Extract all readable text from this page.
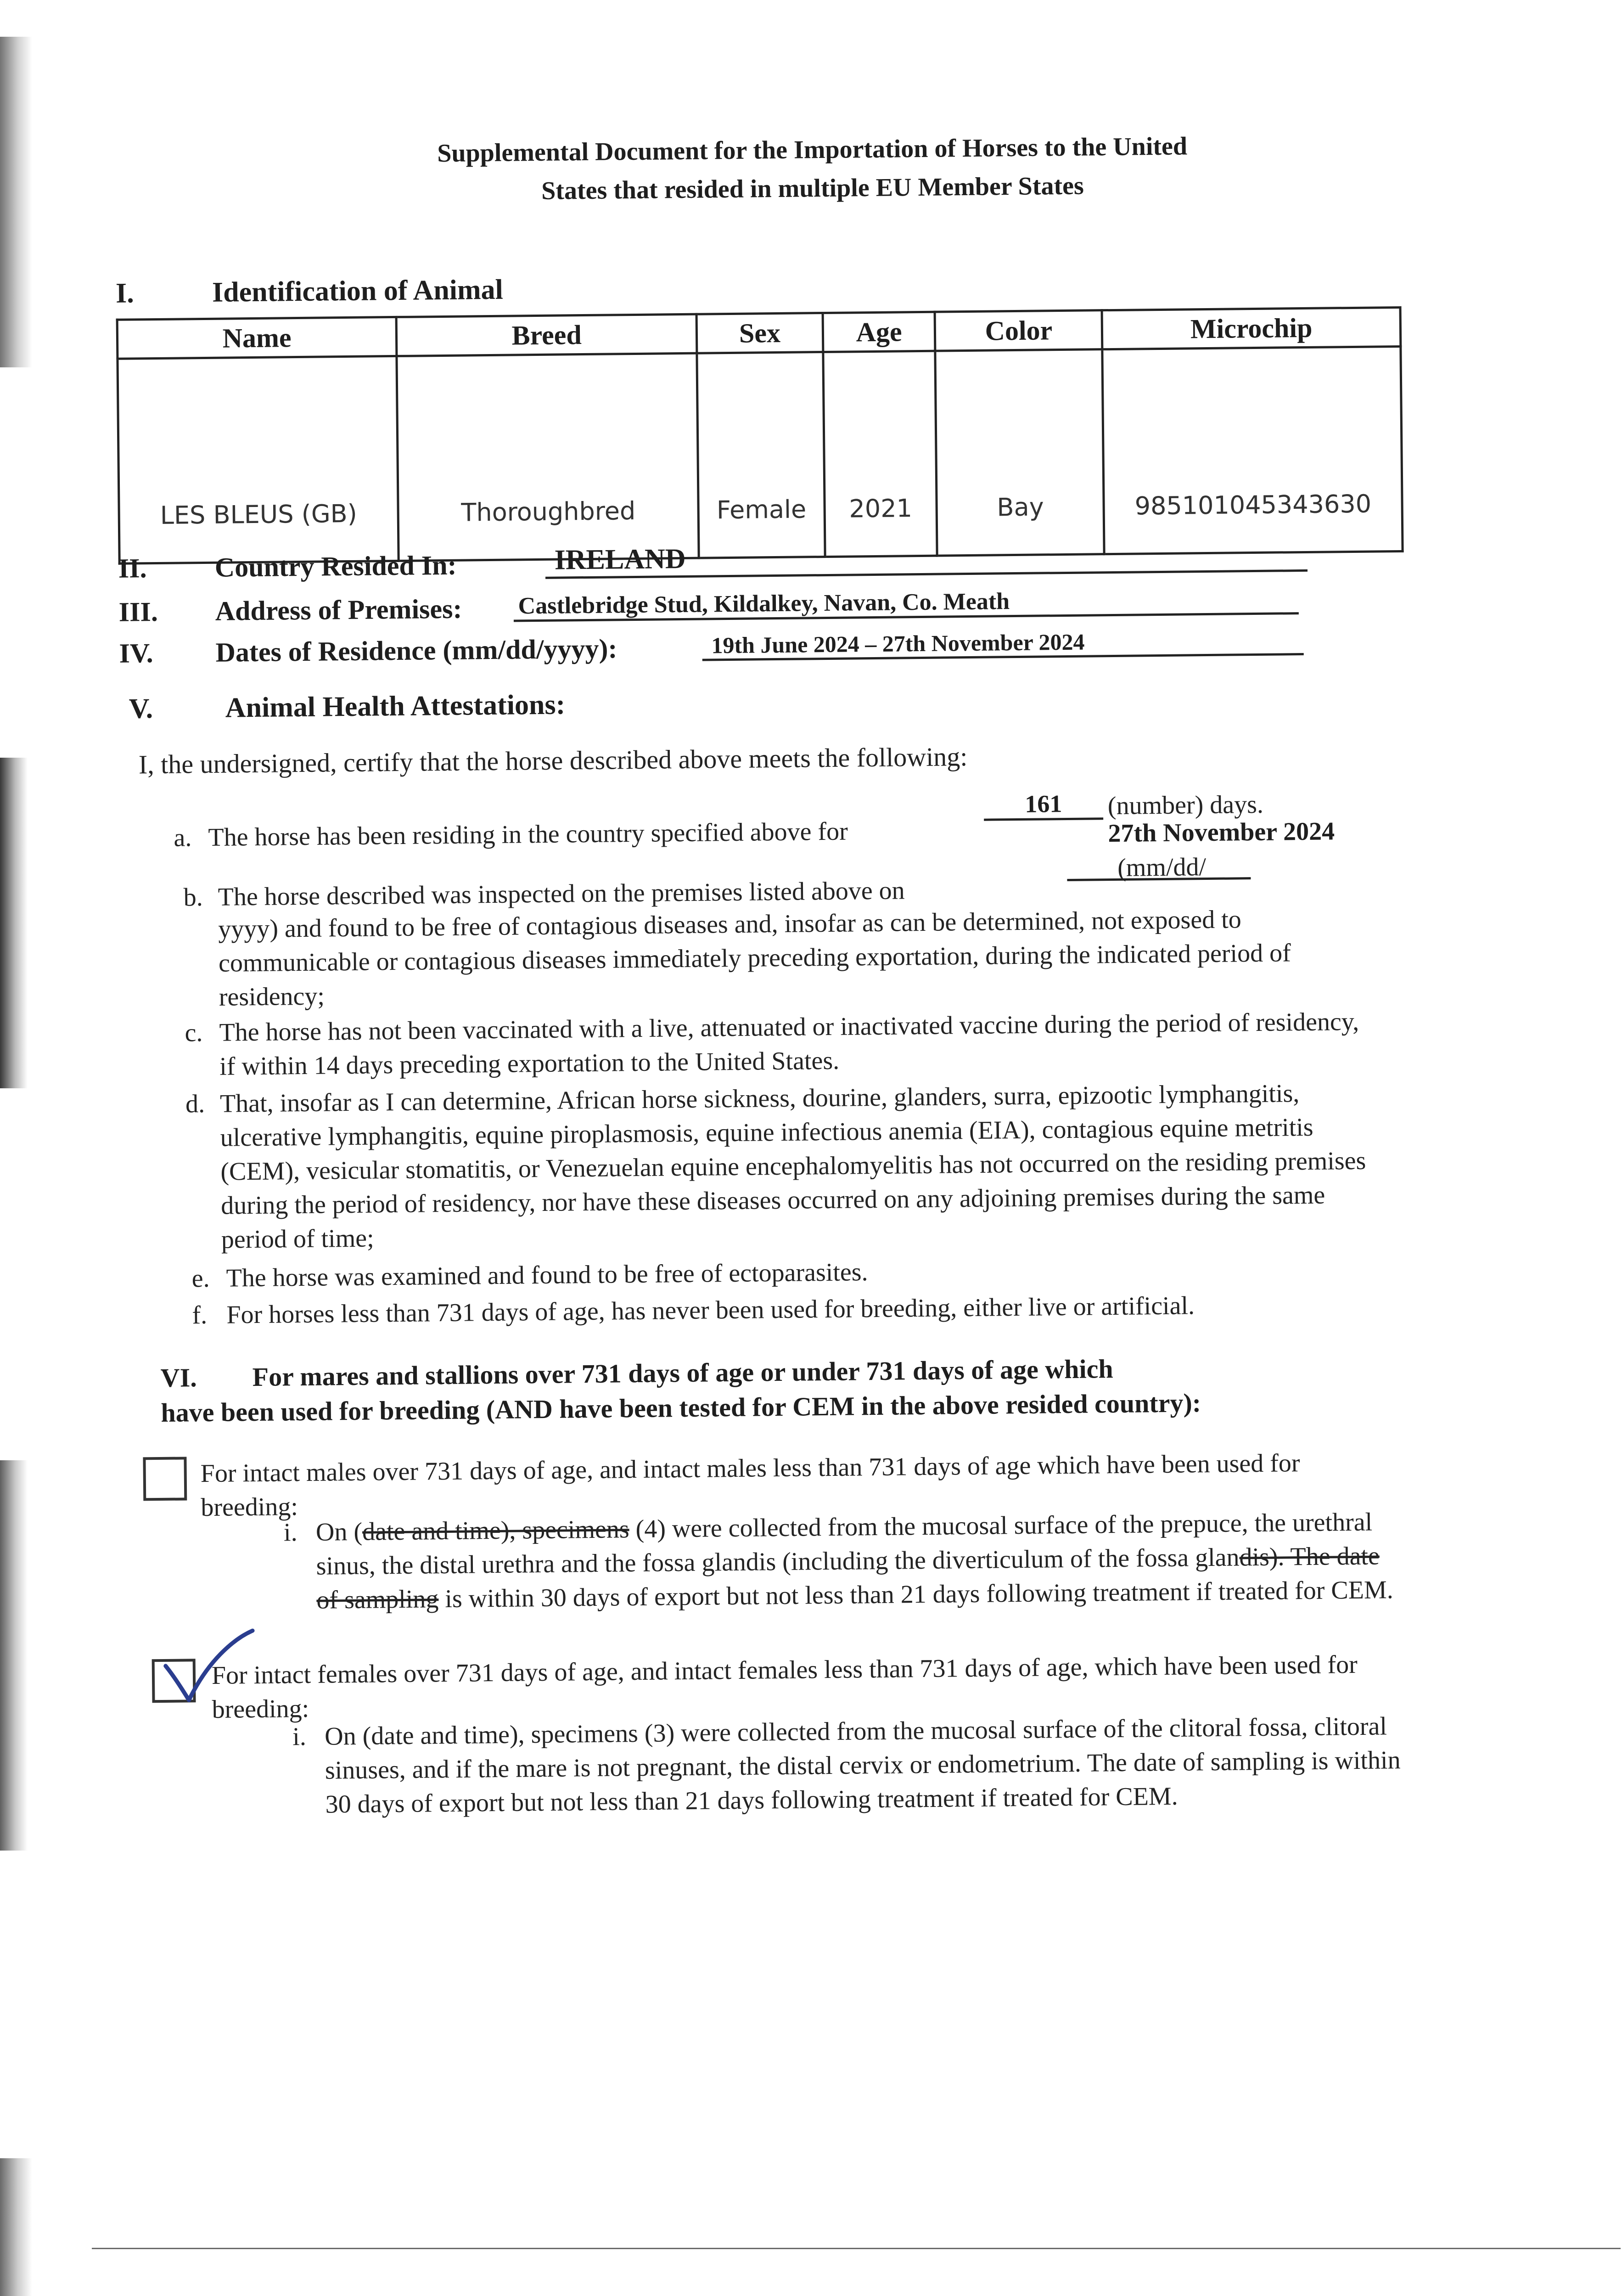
Supplemental Document for the Importation of Horses to the United
States that resided in multiple EU Member States
I.	Identification of Animal
Name	Breed	Sex	Age	Color	Microchip
LES BLEUS (GB)	Thoroughbred	Female	2021	Bay	985101045343630
II. Country Resided In:	IRELAND
III. Address of Premises: Castlebridge Stud, Kildalkey, Navan, Co. Meath
IV. Dates of Residence (mm/dd/yyyy):	19th June 2024 – 27th November 2024
V.	Animal Health Attestations:
I, the undersigned, certify that the horse described above meets the following:
a. The horse has been residing in the country specified above for
161	(number) days.
27th November 2024
b. The horse described was inspected on the premises listed above on
(mm/dd/
yyyy) and found to be free of contagious diseases and, insofar as can be determined, not exposed to communicable or contagious diseases immediately preceding exportation, during the indicated period of residency;
c. The horse has not been vaccinated with a live, attenuated or inactivated vaccine during the period of residency, if within 14 days preceding exportation to the United States.
d. That, insofar as I can determine, African horse sickness, dourine, glanders, surra, epizootic lymphangitis, ulcerative lymphangitis, equine piroplasmosis, equine infectious anemia (EIA), contagious equine metritis (CEM), vesicular stomatitis, or Venezuelan equine encephalomyelitis has not occurred on the residing premises during the period of residency, nor have these diseases occurred on any adjoining premises during the same period of time;
e. The horse was examined and found to be free of ectoparasites.
f. For horses less than 731 days of age, has never been used for breeding, either live or artificial.
VI. For mares and stallions over 731 days of age or under 731 days of age which
have been used for breeding (AND have been tested for CEM in the above resided country):
For intact males over 731 days of age, and intact males less than 731 days of age which have been used for breeding:
i. On (date and time), specimens (4) were collected from the mucosal surface of the prepuce, the urethral sinus, the distal urethra and the fossa glandis (including the diverticulum of the fossa glandis). The date of sampling is within 30 days of export but not less than 21 days following treatment if treated for CEM.
For intact females over 731 days of age, and intact females less than 731 days of age, which have been used for breeding:
i. On (date and time), specimens (3) were collected from the mucosal surface of the clitoral fossa, clitoral sinuses, and if the mare is not pregnant, the distal cervix or endometrium. The date of sampling is within 30 days of export but not less than 21 days following treatment if treated for CEM.
